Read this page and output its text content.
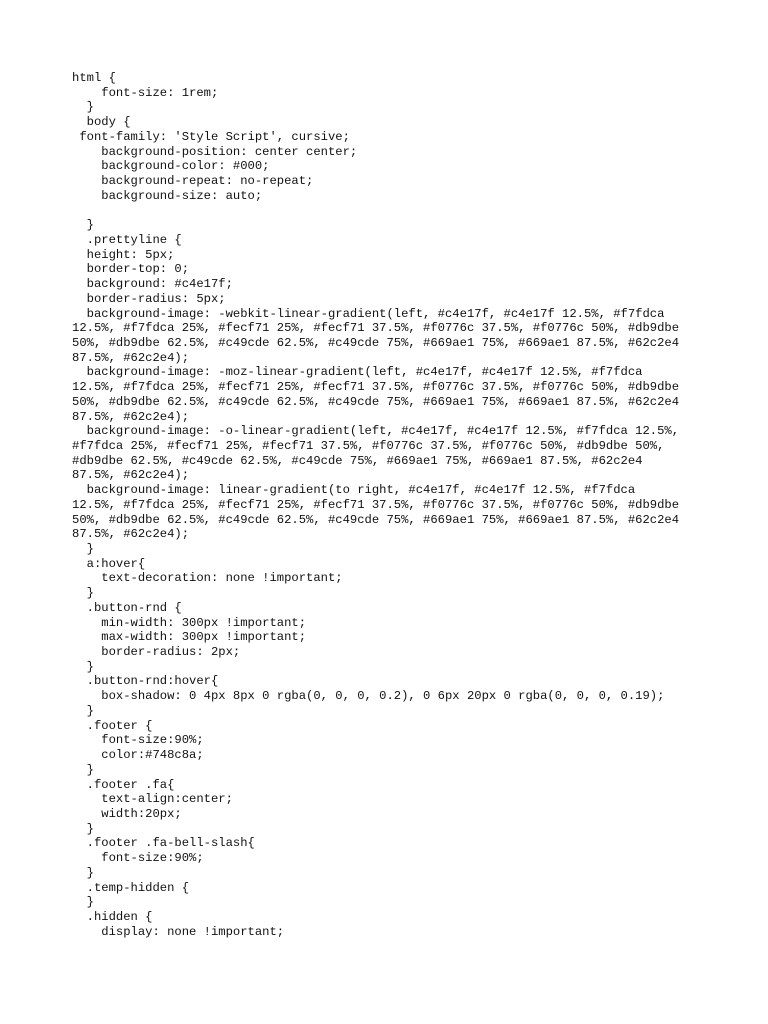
html {
font-size: 1rem;
}
body {
font-family: 'Style Script', cursive;
background-position: center center;
background-color: #000;
background-repeat: no-repeat;
background-size: auto;
}
.prettyline {
height: 5px;
border-top: 0;
background: #c4e17f;
border-radius: 5px;
background-image: -webkit-linear-gradient(left, #c4e17f, #c4e17f 12.5%, #f7fdca
12.5%, #f7fdca 25%, #fecf71 25%, #fecf71 37.5%, #f0776c 37.5%, #f0776c 50%, #db9dbe
50%, #db9dbe 62.5%, #c49cde 62.5%, #c49cde 75%, #669ae1 75%, #669ae1 87.5%, #62c2e4
87.5%, #62c2e4);
background-image: -moz-linear-gradient(left, #c4e17f, #c4e17f 12.5%, #f7fdca
12.5%, #f7fdca 25%, #fecf71 25%, #fecf71 37.5%, #f0776c 37.5%, #f0776c 50%, #db9dbe
50%, #db9dbe 62.5%, #c49cde 62.5%, #c49cde 75%, #669ae1 75%, #669ae1 87.5%, #62c2e4
87.5%, #62c2e4);
background-image: -o-linear-gradient(left, #c4e17f, #c4e17f 12.5%, #f7fdca 12.5%,
#f7fdca 25%, #fecf71 25%, #fecf71 37.5%, #f0776c 37.5%, #f0776c 50%, #db9dbe 50%,
#db9dbe 62.5%, #c49cde 62.5%, #c49cde 75%, #669ae1 75%, #669ae1 87.5%, #62c2e4
87.5%, #62c2e4);
background-image: linear-gradient(to right, #c4e17f, #c4e17f 12.5%, #f7fdca
12.5%, #f7fdca 25%, #fecf71 25%, #fecf71 37.5%, #f0776c 37.5%, #f0776c 50%, #db9dbe
50%, #db9dbe 62.5%, #c49cde 62.5%, #c49cde 75%, #669ae1 75%, #669ae1 87.5%, #62c2e4
87.5%, #62c2e4);
}
a:hover{
text-decoration: none !important;
}
.button-rnd {
min-width: 300px !important;
max-width: 300px !important;
border-radius: 2px;
}
.button-rnd:hover{
box-shadow: 0 4px 8px 0 rgba(0, 0, 0, 0.2), 0 6px 20px 0 rgba(0, 0, 0, 0.19);
}
.footer {
font-size:90%;
color:#748c8a;
}
.footer .fa{
text-align:center;
width:20px;
}
.footer .fa-bell-slash{
font-size:90%;
}
.temp-hidden {
}
.hidden {
display: none !important;
